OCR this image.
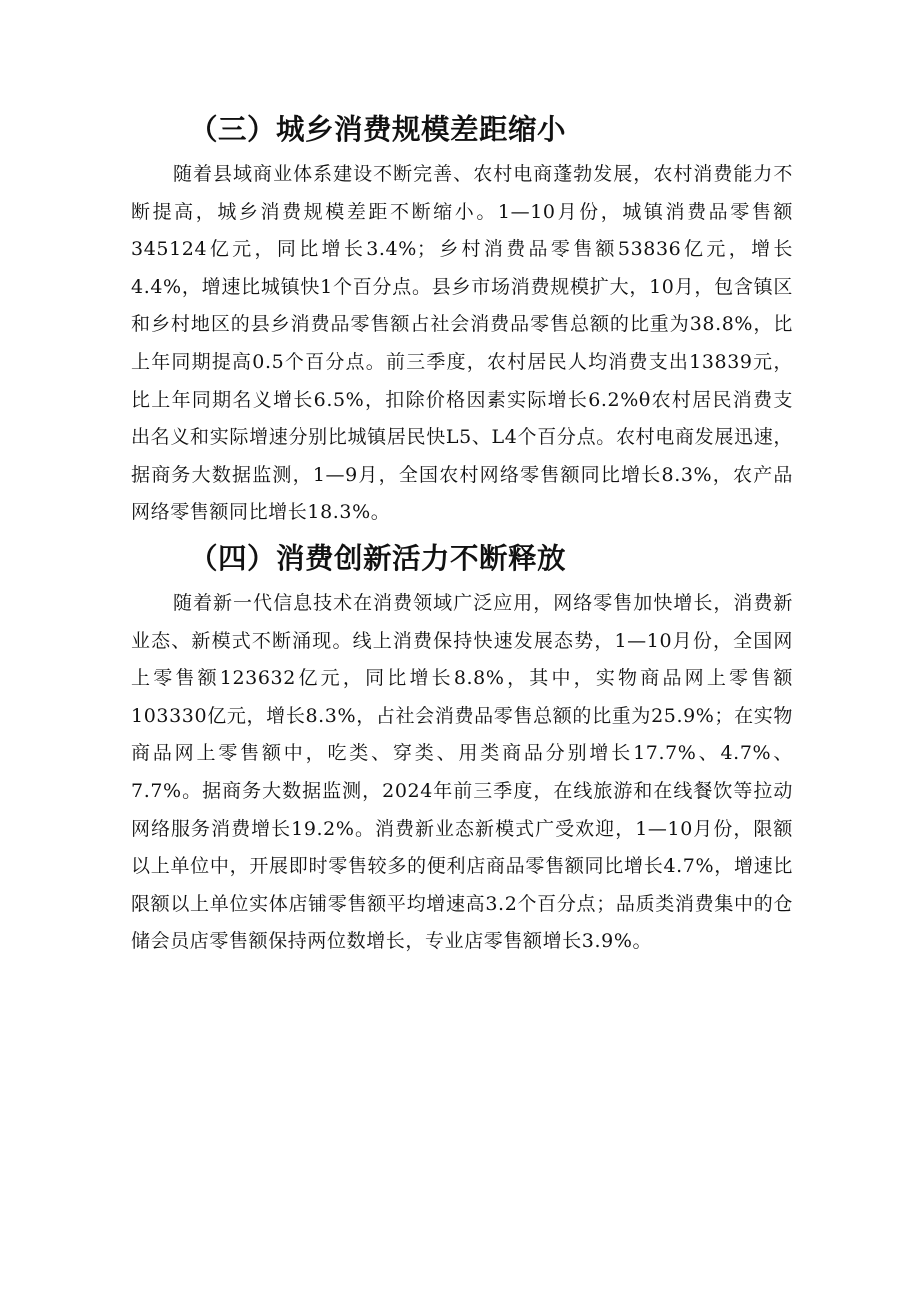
（三）城乡消费规模差距缩小

随着县域商业体系建设不断完善、农村电商蓬勃发展，农村消费能力不断提高，城乡消费规模差距不断缩小。1—10月份，城镇消费品零售额345124亿元，同比增长3.4%；乡村消费品零售额53836亿元，增长4.4%，增速比城镇快1个百分点。县乡市场消费规模扩大，10月，包含镇区和乡村地区的县乡消费品零售额占社会消费品零售总额的比重为38.8%，比上年同期提高0.5个百分点。前三季度，农村居民人均消费支出13839元，比上年同期名义增长6.5%，扣除价格因素实际增长6.2%θ农村居民消费支出名义和实际增速分别比城镇居民快L5、L4个百分点。农村电商发展迅速，据商务大数据监测，1—9月，全国农村网络零售额同比增长8.3%，农产品网络零售额同比增长18.3%。

（四）消费创新活力不断释放

随着新一代信息技术在消费领域广泛应用，网络零售加快增长，消费新业态、新模式不断涌现。线上消费保持快速发展态势，1—10月份，全国网上零售额123632亿元，同比增长8.8%，其中，实物商品网上零售额103330亿元，增长8.3%，占社会消费品零售总额的比重为25.9%；在实物商品网上零售额中，吃类、穿类、用类商品分别增长17.7%、4.7%、7.7%。据商务大数据监测，2024年前三季度，在线旅游和在线餐饮等拉动网络服务消费增长19.2%。消费新业态新模式广受欢迎，1—10月份，限额以上单位中，开展即时零售较多的便利店商品零售额同比增长4.7%，增速比限额以上单位实体店铺零售额平均增速高3.2个百分点；品质类消费集中的仓储会员店零售额保持两位数增长，专业店零售额增长3.9%。
